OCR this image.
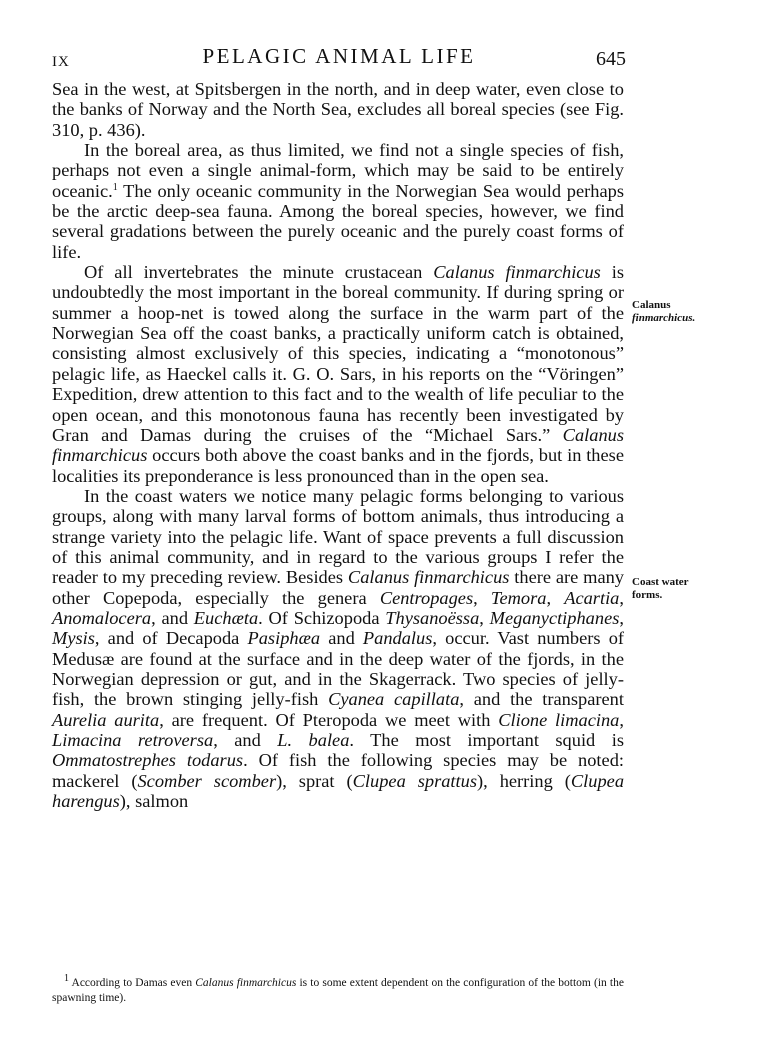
IX	PELAGIC ANIMAL LIFE	645

Sea in the west, at Spitsbergen in the north, and in deep water, even close to the banks of Norway and the North Sea, excludes all boreal species (see Fig. 310, p. 436).

In the boreal area, as thus limited, we find not a single species of fish, perhaps not even a single animal-form, which may be said to be entirely oceanic.$^1$ The only oceanic community in the Norwegian Sea would perhaps be the arctic deep-sea fauna. Among the boreal species, however, we find several gradations between the purely oceanic and the purely coast forms of life.

Of all invertebrates the minute crustacean Calanus finmarchicus is undoubtedly the most important in the boreal community. If during spring or summer a hoop-net is towed along the surface in the warm part of the Norwegian Sea off the coast banks, a practically uniform catch is obtained, consisting almost exclusively of this species, indicating a “monotonous” pelagic life, as Haeckel calls it. G. O. Sars, in his reports on the “Vöringen” Expedition, drew attention to this fact and to the wealth of life peculiar to the open ocean, and this monotonous fauna has recently been investigated by Gran and Damas during the cruises of the “Michael Sars.” Calanus finmarchicus occurs both above the coast banks and in the fjords, but in these localities its preponderance is less pronounced than in the open sea.

In the coast waters we notice many pelagic forms belonging to various groups, along with many larval forms of bottom animals, thus introducing a strange variety into the pelagic life. Want of space prevents a full discussion of this animal community, and in regard to the various groups I refer the reader to my preceding review. Besides Calanus finmarchicus there are many other Copepoda, especially the genera Centropages, Temora, Acartia, Anomalocera, and Euchæta. Of Schizopoda Thysanoëssa, Meganyctiphanes, Mysis, and of Decapoda Pasiphæa and Pandalus, occur. Vast numbers of Medusæ are found at the surface and in the deep water of the fjords, in the Norwegian depression or gut, and in the Skagerrack. Two species of jelly-fish, the brown stinging jelly-fish Cyanea capillata, and the transparent Aurelia aurita, are frequent. Of Pteropoda we meet with Clione limacina, Limacina retroversa, and L. balea. The most important squid is Ommatostrephes todarus. Of fish the following species may be noted: mackerel (Scomber scomber), sprat (Clupea sprattus), herring (Clupea harengus), salmon

Calanus
finmarchicus.
Coast water
forms.

$^1$ According to Damas even Calanus finmarchicus is to some extent dependent on the configuration of the bottom (in the spawning time).
